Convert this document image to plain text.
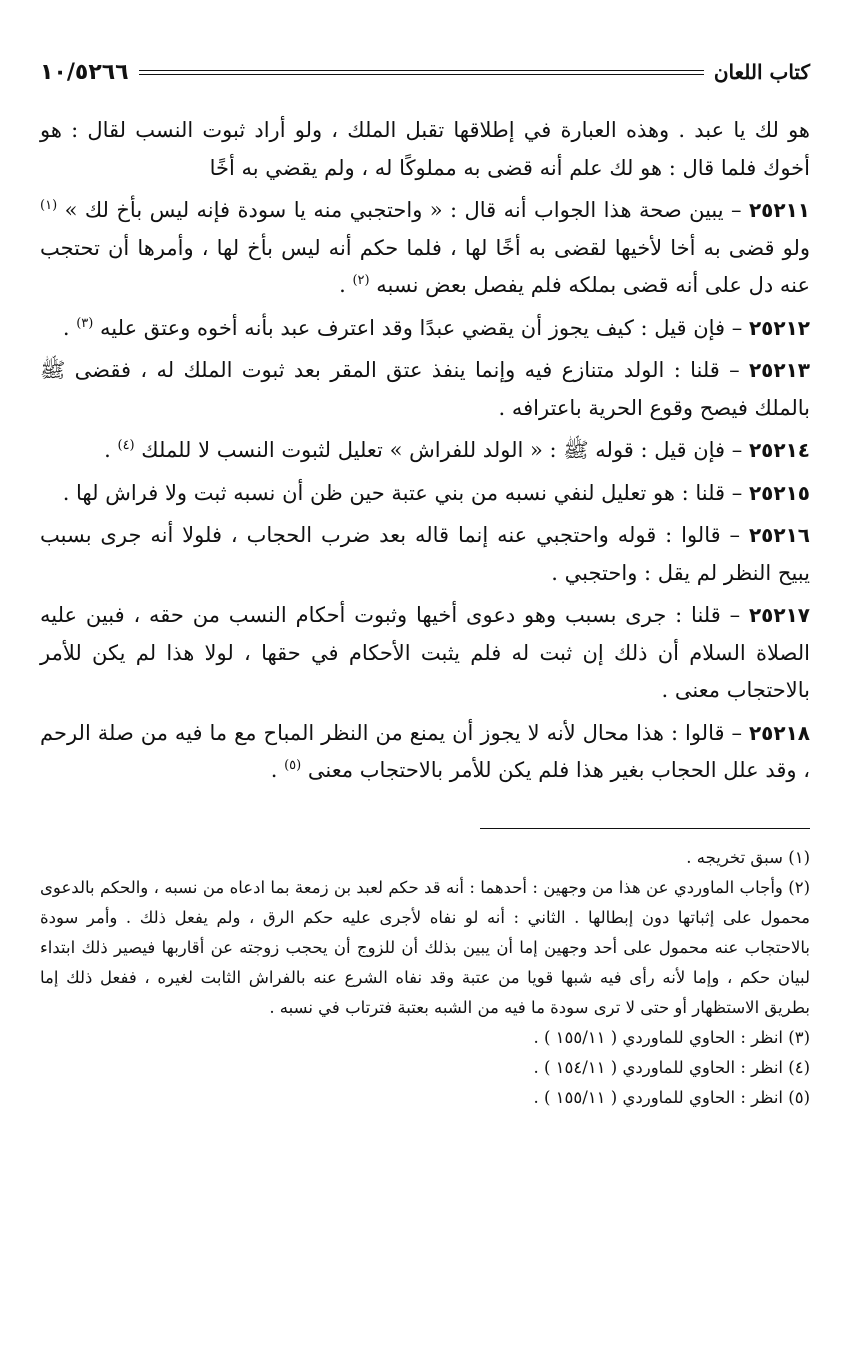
كتاب اللعان
١٠/٥٢٦٦

هو لك يا عبد . وهذه العبارة في إطلاقها تقبل الملك ، ولو أراد ثبوت النسب لقال : هو أخوك فلما قال : هو لك علم أنه قضى به مملوكًا له ، ولم يقضي به أخًا

٢٥٢١١ – يبين صحة هذا الجواب أنه قال : « واحتجبي منه يا سودة فإنه ليس بأخ لك » $^{(١)}$ ولو قضى به أخا لأخيها لقضى به أخًا لها ، فلما حكم أنه ليس بأخ لها ، وأمرها أن تحتجب عنه دل على أنه قضى بملكه فلم يفصل بعض نسبه $^{(٢)}$ .

٢٥٢١٢ – فإن قيل : كيف يجوز أن يقضي عبدًا وقد اعترف عبد بأنه أخوه وعتق عليه $^{(٣)}$ .

٢٥٢١٣ – قلنا : الولد متنازع فيه وإنما ينفذ عتق المقر بعد ثبوت الملك له ، فقضى ﷺ بالملك فيصح وقوع الحرية باعترافه .

٢٥٢١٤ – فإن قيل : قوله ﷺ : « الولد للفراش » تعليل لثبوت النسب لا للملك $^{(٤)}$ .

٢٥٢١٥ – قلنا : هو تعليل لنفي نسبه من بني عتبة حين ظن أن نسبه ثبت ولا فراش لها .

٢٥٢١٦ – قالوا : قوله واحتجبي عنه إنما قاله بعد ضرب الحجاب ، فلولا أنه جرى بسبب يبيح النظر لم يقل : واحتجبي .

٢٥٢١٧ – قلنا : جرى بسبب وهو دعوى أخيها وثبوت أحكام النسب من حقه ، فبين عليه الصلاة السلام أن ذلك إن ثبت له فلم يثبت الأحكام في حقها ، لولا هذا لم يكن للأمر بالاحتجاب معنى .

٢٥٢١٨ – قالوا : هذا محال لأنه لا يجوز أن يمنع من النظر المباح مع ما فيه من صلة الرحم ، وقد علل الحجاب بغير هذا فلم يكن للأمر بالاحتجاب معنى $^{(٥)}$ .

(١) سبق تخريجه .

(٢) وأجاب الماوردي عن هذا من وجهين : أحدهما : أنه قد حكم لعبد بن زمعة بما ادعاه من نسبه ، والحكم بالدعوى محمول على إثباتها دون إبطالها . الثاني : أنه لو نفاه لأجرى عليه حكم الرق ، ولم يفعل ذلك . وأمر سودة بالاحتجاب عنه محمول على أحد وجهين إما أن يبين بذلك أن للزوج أن يحجب زوجته عن أقاربها فيصير ذلك ابتداء لبيان حكم ، وإما لأنه رأى فيه شبها قويا من عتبة وقد نفاه الشرع عنه بالفراش الثابت لغيره ، ففعل ذلك إما بطريق الاستظهار أو حتى لا ترى سودة ما فيه من الشبه بعتبة فترتاب في نسبه .

(٣) انظر : الحاوي للماوردي ( ١٥٥/١١ ) .

(٤) انظر : الحاوي للماوردي ( ١٥٤/١١ ) .

(٥) انظر : الحاوي للماوردي ( ١٥٥/١١ ) .
